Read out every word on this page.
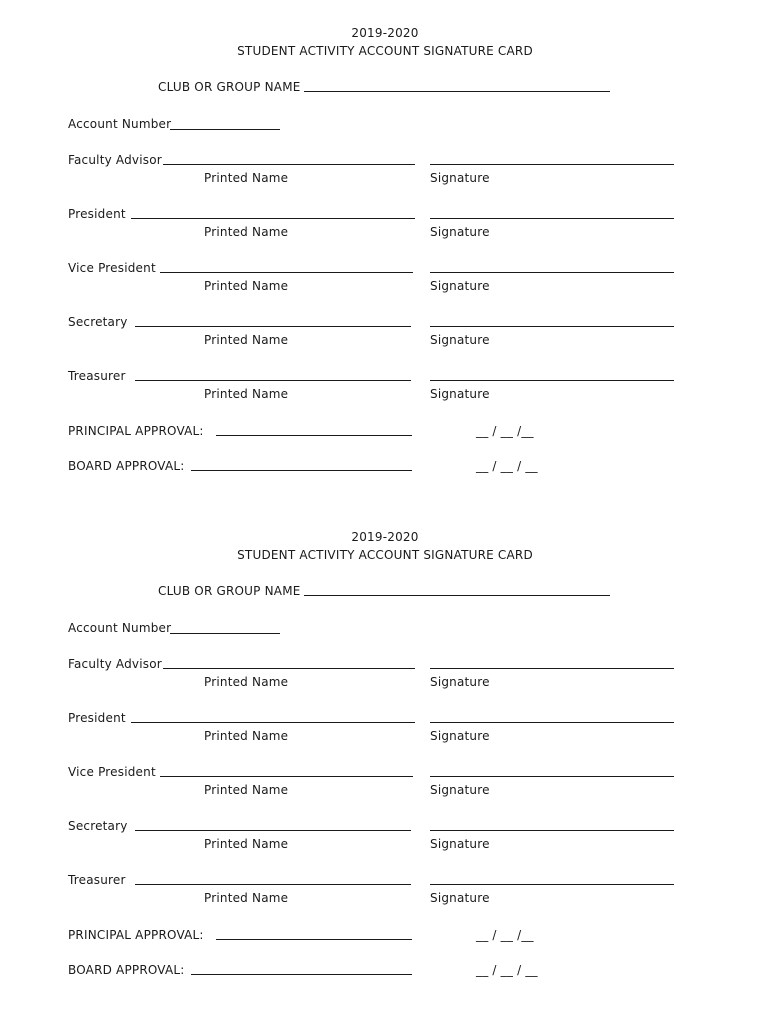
2019-2020
STUDENT ACTIVITY ACCOUNT SIGNATURE CARD
CLUB OR GROUP NAME
Account Number
Faculty Advisor
Printed Name	Signature
President
Printed Name	Signature
Vice President
Printed Name	Signature
Secretary
Printed Name	Signature
Treasurer
Printed Name	Signature
PRINCIPAL APPROVAL:	__ / __ /__
BOARD APPROVAL:	__ / __ / __
2019-2020
STUDENT ACTIVITY ACCOUNT SIGNATURE CARD
CLUB OR GROUP NAME
Account Number
Faculty Advisor
Printed Name	Signature
President
Printed Name	Signature
Vice President
Printed Name	Signature
Secretary
Printed Name	Signature
Treasurer
Printed Name	Signature
PRINCIPAL APPROVAL:	__ / __ /__
BOARD APPROVAL:	__ / __ / __
